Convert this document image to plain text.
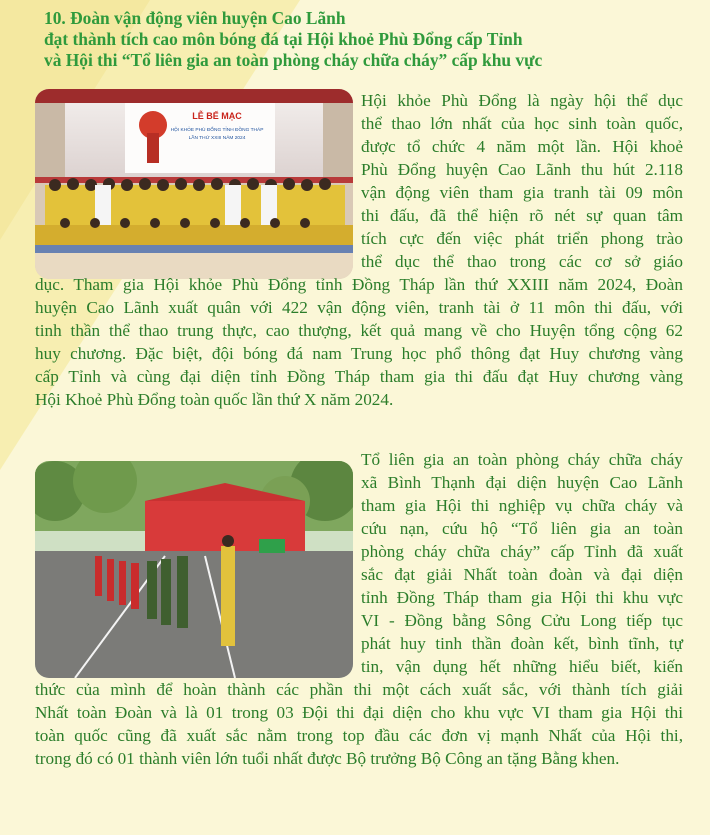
10. Đoàn vận động viên huyện Cao Lãnh
đạt thành tích cao môn bóng đá tại Hội khoẻ Phù Đổng cấp Tỉnh
và Hội thi “Tổ liên gia an toàn phòng cháy chữa cháy” cấp khu vực
LỄ BẾ MẠC
HỘI KHỎE PHÙ ĐỔNG TỈNH ĐỒNG THÁP
LẦN THỨ XXIII NĂM 2024

Hội khỏe Phù Đổng là ngày hội thể dục
thể thao lớn nhất của học sinh toàn quốc,
được tổ chức 4 năm một lần. Hội khoẻ
Phù Đổng huyện Cao Lãnh thu hút 2.118
vận động viên tham gia tranh tài 09 môn
thi đấu, đã thể hiện rõ nét sự quan tâm
tích cực đến việc phát triển phong trào
thể dục thể thao trong các cơ sở giáo

dục. Tham gia Hội khỏe Phù Đổng tỉnh Đồng Tháp lần thứ XXIII năm 2024, Đoàn
huyện Cao Lãnh xuất quân với 422 vận động viên, tranh tài ở 11 môn thi đấu, với
tinh thần thể thao trung thực, cao thượng, kết quả mang về cho Huyện tổng cộng 62
huy chương. Đặc biệt, đội bóng đá nam Trung học phổ thông đạt Huy chương vàng
cấp Tỉnh và cùng đại diện tỉnh Đồng Tháp tham gia thi đấu đạt Huy chương vàng
Hội Khoẻ Phù Đổng toàn quốc lần thứ X năm 2024.

Tổ liên gia an toàn phòng cháy chữa cháy
xã Bình Thạnh đại diện huyện Cao Lãnh
tham gia Hội thi nghiệp vụ chữa cháy và
cứu nạn, cứu hộ “Tổ liên gia an toàn
phòng cháy chữa cháy” cấp Tỉnh đã xuất
sắc đạt giải Nhất toàn đoàn và đại diện
tỉnh Đồng Tháp tham gia Hội thi khu vực
VI - Đồng bằng Sông Cửu Long tiếp tục
phát huy tinh thần đoàn kết, bình tĩnh, tự
tin, vận dụng hết những hiểu biết, kiến

thức của mình để hoàn thành các phần thi một cách xuất sắc, với thành tích giải
Nhất toàn Đoàn và là 01 trong 03 Đội thi đại diện cho khu vực VI tham gia Hội thi
toàn quốc cũng đã xuất sắc nằm trong top đầu các đơn vị mạnh Nhất của Hội thi,
trong đó có 01 thành viên lớn tuổi nhất được Bộ trưởng Bộ Công an tặng Bằng khen.
